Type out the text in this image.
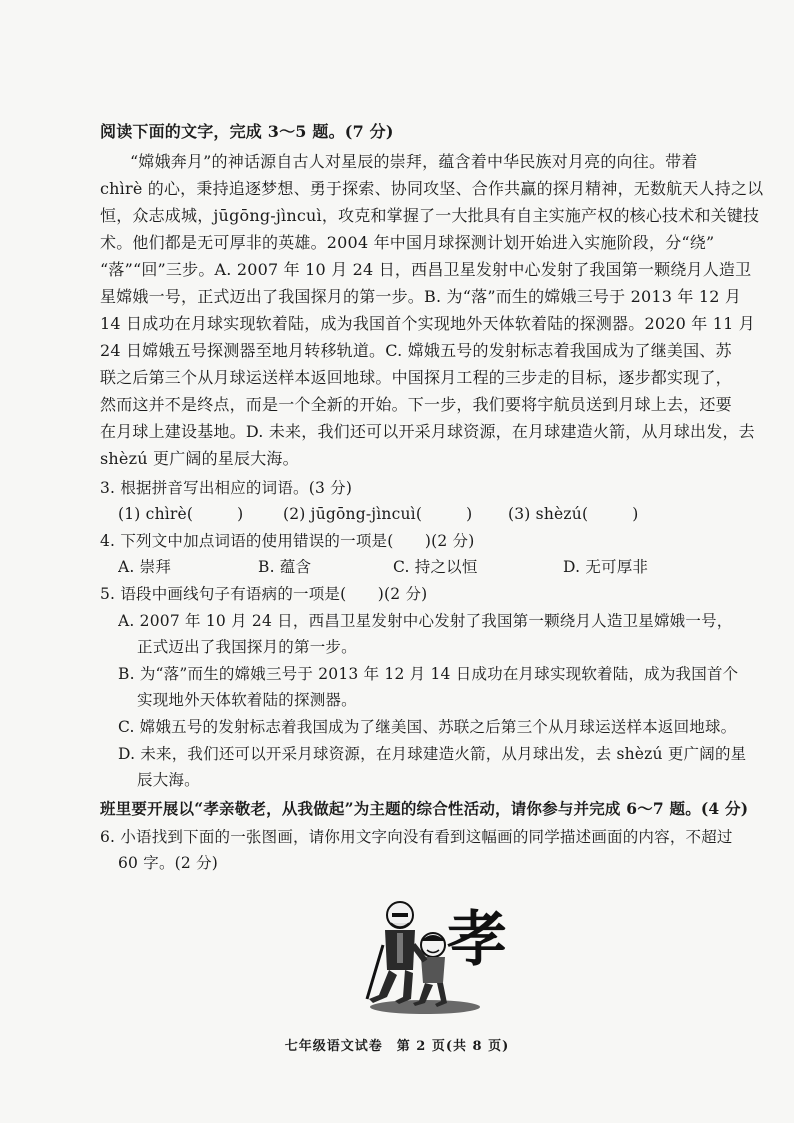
阅读下面的文字，完成 3～5 题。(7 分)
“嫦娥奔月”的神话源自古人对星辰的崇拜，蕴含着中华民族对月亮的向往。带着
chìrè 的心，秉持追逐梦想、勇于探索、协同攻坚、合作共赢的探月精神，无数航天人持之以
恒，众志成城，jūgōng-jìncuì，攻克和掌握了一大批具有自主实施产权的核心技术和关键技
术。他们都是无可厚非的英雄。2004 年中国月球探测计划开始进入实施阶段，分“绕”
“落”“回”三步。A. 2007 年 10 月 24 日，西昌卫星发射中心发射了我国第一颗绕月人造卫
星嫦娥一号，正式迈出了我国探月的第一步。B. 为“落”而生的嫦娥三号于 2013 年 12 月
14 日成功在月球实现软着陆，成为我国首个实现地外天体软着陆的探测器。2020 年 11 月
24 日嫦娥五号探测器至地月转移轨道。C. 嫦娥五号的发射标志着我国成为了继美国、苏
联之后第三个从月球运送样本返回地球。中国探月工程的三步走的目标，逐步都实现了，
然而这并不是终点，而是一个全新的开始。下一步，我们要将宇航员送到月球上去，还要
在月球上建设基地。D. 未来，我们还可以开采月球资源，在月球建造火箭，从月球出发，去
shèzú 更广阔的星辰大海。
3. 根据拼音写出相应的词语。(3 分)
(1) chìrè(	)	(2) jūgōng-jìncuì(	) (3) shèzú(	)
4. 下列文中加点词语的使用错误的一项是(　　)(2 分)
A. 崇拜	B. 蕴含	C. 持之以恒	D. 无可厚非
5. 语段中画线句子有语病的一项是(　　)(2 分)
A. 2007 年 10 月 24 日，西昌卫星发射中心发射了我国第一颗绕月人造卫星嫦娥一号，
正式迈出了我国探月的第一步。
B. 为“落”而生的嫦娥三号于 2013 年 12 月 14 日成功在月球实现软着陆，成为我国首个
实现地外天体软着陆的探测器。
C. 嫦娥五号的发射标志着我国成为了继美国、苏联之后第三个从月球运送样本返回地球。
D. 未来，我们还可以开采月球资源，在月球建造火箭，从月球出发，去 shèzú 更广阔的星
辰大海。
班里要开展以“孝亲敬老，从我做起”为主题的综合性活动，请你参与并完成 6～7 题。(4 分)
6. 小语找到下面的一张图画，请你用文字向没有看到这幅画的同学描述画面的内容，不超过
60 字。(2 分)
孝
七年级语文试卷　第 2 页(共 8 页)
